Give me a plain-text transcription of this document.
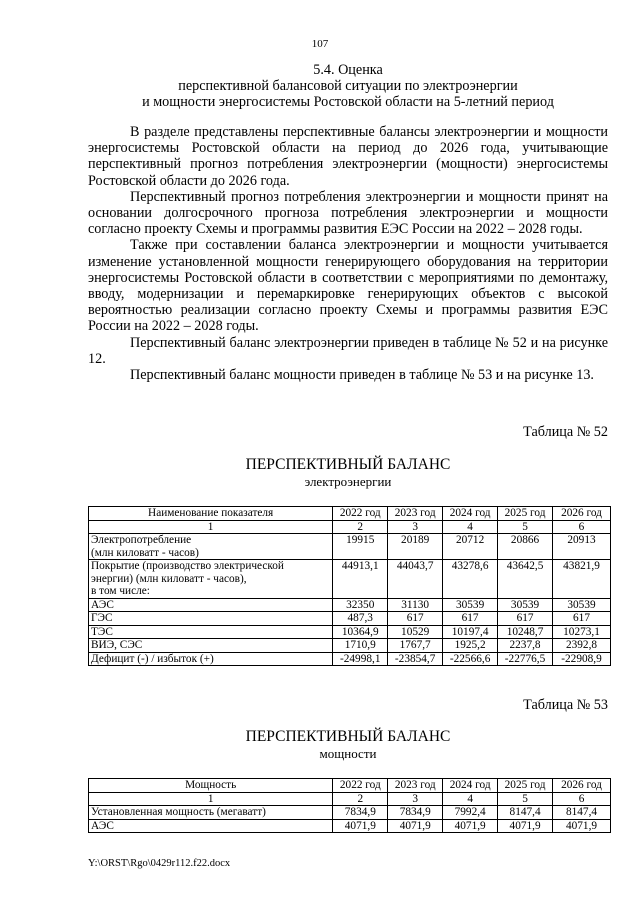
107
5.4. Оценка
перспективной балансовой ситуации по электроэнергии
и мощности энергосистемы Ростовской области на 5-летний период

В разделе представлены перспективные балансы электроэнергии и мощности энергосистемы Ростовской области на период до 2026 года, учитывающие перспективный прогноз потребления электроэнергии (мощности) энергосистемы Ростовской области до 2026 года.

Перспективный прогноз потребления электроэнергии и мощности принят на основании долгосрочного прогноза потребления электроэнергии и мощности согласно проекту Схемы и программы развития ЕЭС России на 2022 – 2028 годы.

Также при составлении баланса электроэнергии и мощности учитывается изменение установленной мощности генерирующего оборудования на территории энергосистемы Ростовской области в соответствии с мероприятиями по демонтажу, вводу, модернизации и перемаркировке генерирующих объектов с высокой вероятностью реализации согласно проекту Схемы и программы развития ЕЭС России на 2022 – 2028 годы.

Перспективный баланс электроэнергии приведен в таблице № 52 и на рисунке 12.

Перспективный баланс мощности приведен в таблице № 53 и на рисунке 13.

Таблица № 52
ПЕРСПЕКТИВНЫЙ БАЛАНС
электроэнергии
Наименование показателя	2022 год	2023 год	2024 год	2025 год	2026 год
1	2	3	4	5	6

Электропотребление
(млн киловатт - часов)	19915	20189	20712	20866	20913

Покрытие (производство электрической
энергии) (млн киловатт - часов),
в том числе:	44913,1	44043,7	43278,6	43642,5	43821,9
АЭС	32350	31130	30539	30539	30539
ГЭС	487,3	617	617	617	617
ТЭС	10364,9	10529	10197,4	10248,7	10273,1
ВИЭ, СЭС	1710,9	1767,7	1925,2	2237,8	2392,8
Дефицит (-) / избыток (+)	-24998,1	-23854,7	-22566,6	-22776,5	-22908,9
Таблица № 53
ПЕРСПЕКТИВНЫЙ БАЛАНС
мощности
Мощность	2022 год	2023 год	2024 год	2025 год	2026 год
1	2	3	4	5	6
Установленная мощность (мегаватт)	7834,9	7834,9	7992,4	8147,4	8147,4
АЭС	4071,9	4071,9	4071,9	4071,9	4071,9
Y:\ORST\Rgo\0429r112.f22.docx
